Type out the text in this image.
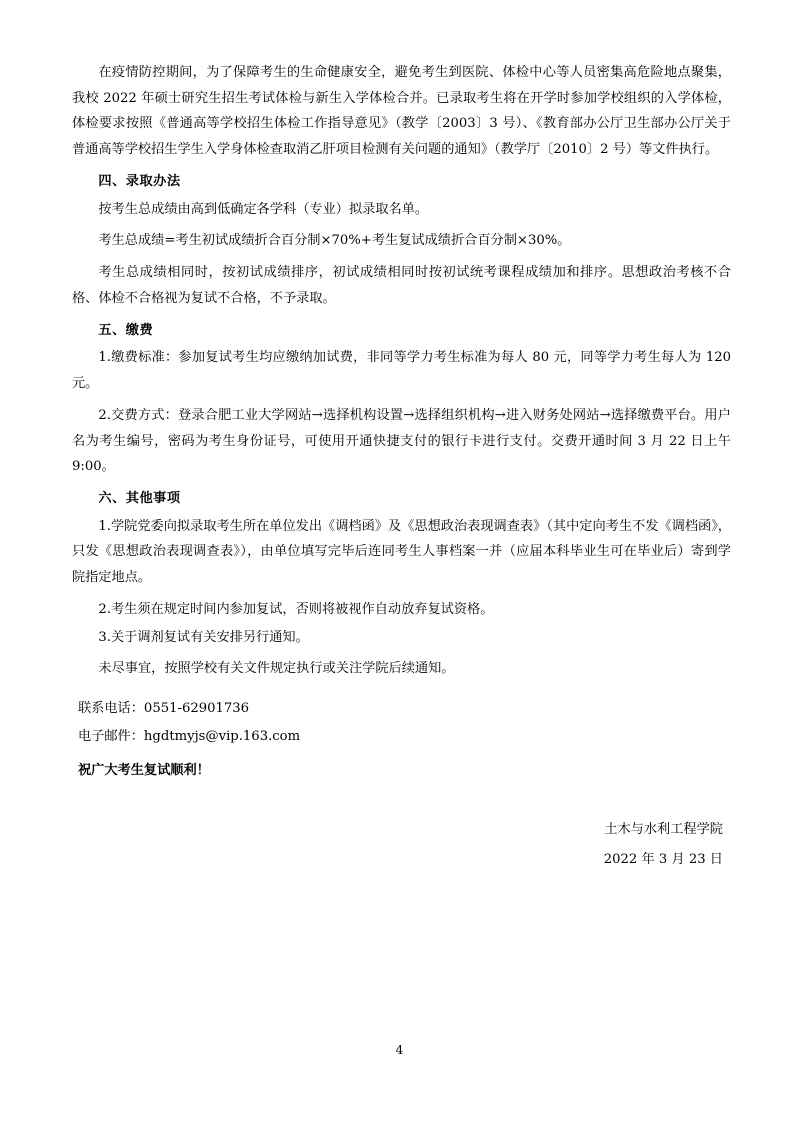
在疫情防控期间，为了保障考生的生命健康安全，避免考生到医院、体检中心等人员密集高危险地点聚集，我校 2022 年硕士研究生招生考试体检与新生入学体检合并。已录取考生将在开学时参加学校组织的入学体检，体检要求按照《普通高等学校招生体检工作指导意见》（教学〔2003〕3 号）、《教育部办公厅卫生部办公厅关于普通高等学校招生学生入学身体检查取消乙肝项目检测有关问题的通知》（教学厅〔2010〕2 号）等文件执行。

四、录取办法

按考生总成绩由高到低确定各学科（专业）拟录取名单。

考生总成绩=考生初试成绩折合百分制×70%+考生复试成绩折合百分制×30%。

考生总成绩相同时，按初试成绩排序，初试成绩相同时按初试统考课程成绩加和排序。思想政治考核不合格、体检不合格视为复试不合格，不予录取。

五、缴费

1.缴费标准：参加复试考生均应缴纳加试费，非同等学力考生标准为每人 80 元，同等学力考生每人为 120 元。

2.交费方式：登录合肥工业大学网站→选择机构设置→选择组织机构→进入财务处网站→选择缴费平台。用户名为考生编号，密码为考生身份证号，可使用开通快捷支付的银行卡进行支付。交费开通时间 3 月 22 日上午 9:00。

六、其他事项

1.学院党委向拟录取考生所在单位发出《调档函》及《思想政治表现调查表》（其中定向考生不发《调档函》，只发《思想政治表现调查表》），由单位填写完毕后连同考生人事档案一并（应届本科毕业生可在毕业后）寄到学院指定地点。

2.考生须在规定时间内参加复试，否则将被视作自动放弃复试资格。

3.关于调剂复试有关安排另行通知。

未尽事宜，按照学校有关文件规定执行或关注学院后续通知。

联系电话：0551-62901736

电子邮件：hgdtmyjs@vip.163.com

祝广大考生复试顺利！

土木与水利工程学院

2022 年 3 月 23 日

4
